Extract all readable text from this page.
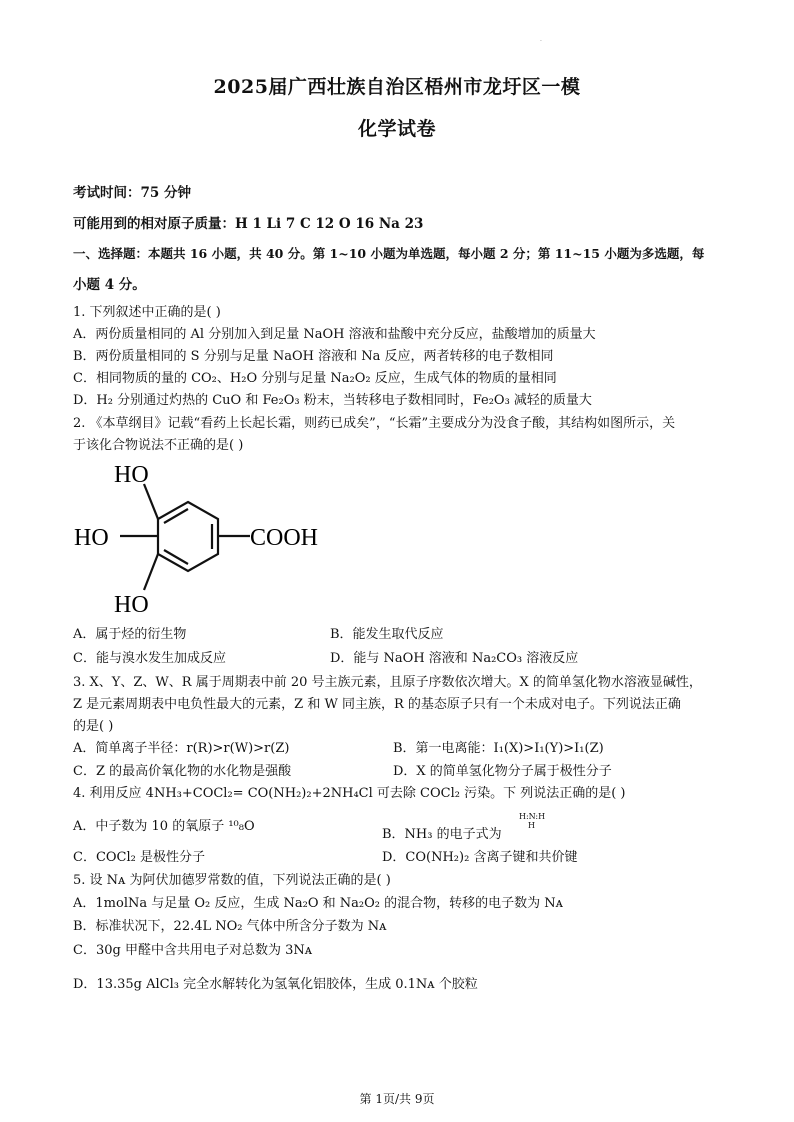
.
2025届广西壮族自治区梧州市龙圩区一模
化学试卷
考试时间：75 分钟
可能用到的相对原子质量：H 1 Li 7 C 12 O 16 Na 23
一、选择题：本题共 16 小题，共 40 分。第 1~10 小题为单选题，每小题 2 分；第 11~15 小题为多选题，每
小题 4 分。
1. 下列叙述中正确的是( )
A．两份质量相同的 Al 分别加入到足量 NaOH 溶液和盐酸中充分反应，盐酸增加的质量大
B．两份质量相同的 S 分别与足量 NaOH 溶液和 Na 反应，两者转移的电子数相同
C．相同物质的量的 CO₂、H₂O 分别与足量 Na₂O₂ 反应，生成气体的物质的量相同
D．H₂ 分别通过灼热的 CuO 和 Fe₂O₃ 粉末，当转移电子数相同时，Fe₂O₃ 减轻的质量大
2. 《本草纲目》记载“看药上长起长霜，则药已成矣”，“长霜”主要成分为没食子酸，其结构如图所示，关
于该化合物说法不正确的是( )
HO
HO
HO
COOH
A．属于烃的衍生物	B．能发生取代反应
C．能与溴水发生加成反应	D．能与 NaOH 溶液和 Na₂CO₃ 溶液反应
3. X、Y、Z、W、R 属于周期表中前 20 号主族元素，且原子序数依次增大。X 的简单氢化物水溶液显碱性，
Z 是元素周期表中电负性最大的元素，Z 和 W 同主族，R 的基态原子只有一个未成对电子。下列说法正确
的是( )
A．简单离子半径：r(R)>r(W)>r(Z)	B．第一电离能：I₁(X)>I₁(Y)>I₁(Z)
C．Z 的最高价氧化物的水化物是强酸	D．X 的简单氢化物分子属于极性分子
4. 利用反应 4NH₃+COCl₂= CO(NH₂)₂+2NH₄Cl 可去除 COCl₂ 污染。下 列说法正确的是( )
A．中子数为 10 的氧原子 ¹⁰₈O
B．NH₃ 的电子式为
H:N:H
H
C．COCl₂ 是极性分子	D．CO(NH₂)₂ 含离子键和共价键
5. 设 Nᴀ 为阿伏加德罗常数的值，下列说法正确的是( )
A．1molNa 与足量 O₂ 反应，生成 Na₂O 和 Na₂O₂ 的混合物，转移的电子数为 Nᴀ
B．标准状况下，22.4L NO₂ 气体中所含分子数为 Nᴀ
C．30g 甲醛中含共用电子对总数为 3Nᴀ
D．13.35g AlCl₃ 完全水解转化为氢氧化铝胶体，生成 0.1Nᴀ 个胶粒
第 1页/共 9页
